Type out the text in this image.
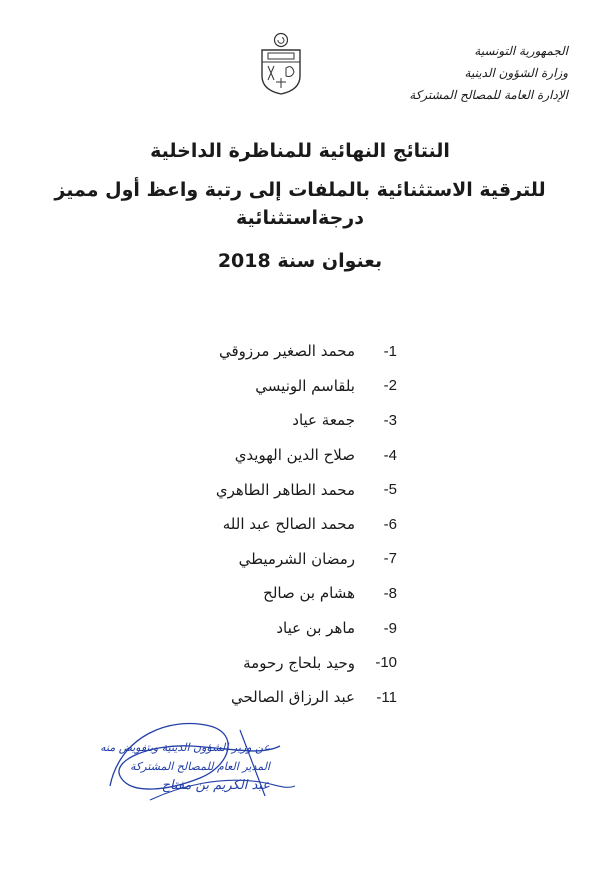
الجمهورية التونسية
وزارة الشؤون الدينية
الإدارة العامة للمصالح المشتركة
النتائج النهائية للمناظرة الداخلية
للترقية الاستثنائية بالملفات إلى رتبة واعظ أول مميز
درجةاستثنائية
بعنوان سنة 2018
1-
محمد الصغير مرزوقي
2-
بلقاسم الونيسي
3-
جمعة عياد
4-
صلاح الدين الهويدي
5-
محمد الطاهر الطاهري
6-
محمد الصالح عبد الله
7-
رمضان الشرميطي
8-
هشام بن صالح
9-
ماهر بن عياد
10-
وحيد بلحاج رحومة
11-
عبد الرزاق الصالحي
عن وزير الشؤون الدينية وبتفويض منه
المدير العام للمصالح المشتركة
عبد الكريم بن مفتاح
